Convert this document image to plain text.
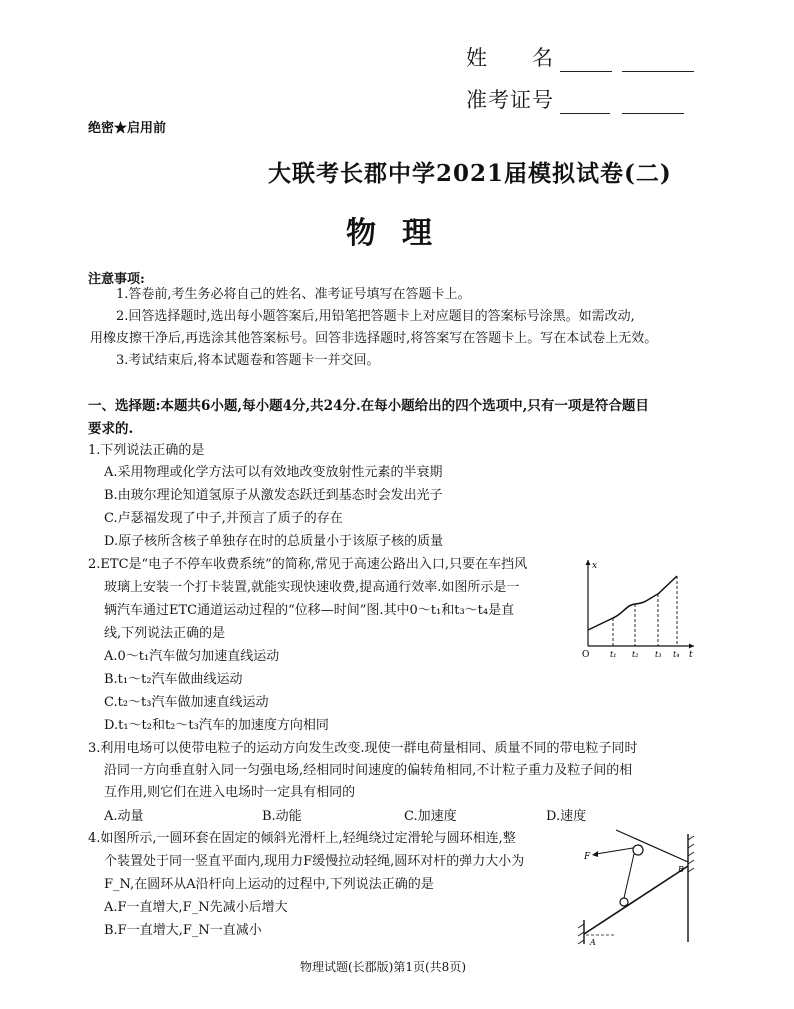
姓　　名
准考证号
绝密★启用前
大联考长郡中学2021届模拟试卷(二)
物理
注意事项:
1.答卷前,考生务必将自己的姓名、准考证号填写在答题卡上。
2.回答选择题时,选出每小题答案后,用铅笔把答题卡上对应题目的答案标号涂黑。如需改动,
用橡皮擦干净后,再选涂其他答案标号。回答非选择题时,将答案写在答题卡上。写在本试卷上无效。
3.考试结束后,将本试题卷和答题卡一并交回。
一、选择题:本题共6小题,每小题4分,共24分.在每小题给出的四个选项中,只有一项是符合题目
要求的.
1.下列说法正确的是
A.采用物理或化学方法可以有效地改变放射性元素的半衰期
B.由玻尔理论知道氢原子从激发态跃迁到基态时会发出光子
C.卢瑟福发现了中子,并预言了质子的存在
D.原子核所含核子单独存在时的总质量小于该原子核的质量
2.ETC是“电子不停车收费系统”的简称,常见于高速公路出入口,只要在车挡风
玻璃上安装一个打卡装置,就能实现快速收费,提高通行效率.如图所示是一
辆汽车通过ETC通道运动过程的“位移—时间”图.其中0～t₁和t₃～t₄是直
线,下列说法正确的是
A.0～t₁汽车做匀加速直线运动
B.t₁～t₂汽车做曲线运动
C.t₂～t₃汽车做加速直线运动
D.t₁～t₂和t₂～t₃汽车的加速度方向相同
x
t
O	t₁ t₂ t₃ t₄
3.利用电场可以使带电粒子的运动方向发生改变.现使一群电荷量相同、质量不同的带电粒子同时
沿同一方向垂直射入同一匀强电场,经相同时间速度的偏转角相同,不计粒子重力及粒子间的相
互作用,则它们在进入电场时一定具有相同的
A.动量	B.动能	C.加速度	D.速度
4.如图所示,一圆环套在固定的倾斜光滑杆上,轻绳绕过定滑轮与圆环相连,整
个装置处于同一竖直平面内,现用力F缓慢拉动轻绳,圆环对杆的弹力大小为
F_N,在圆环从A沿杆向上运动的过程中,下列说法正确的是
A.F一直增大,F_N先减小后增大
B.F一直增大,F_N一直减小
F
A
B
物理试题(长郡版)第1页(共8页)
